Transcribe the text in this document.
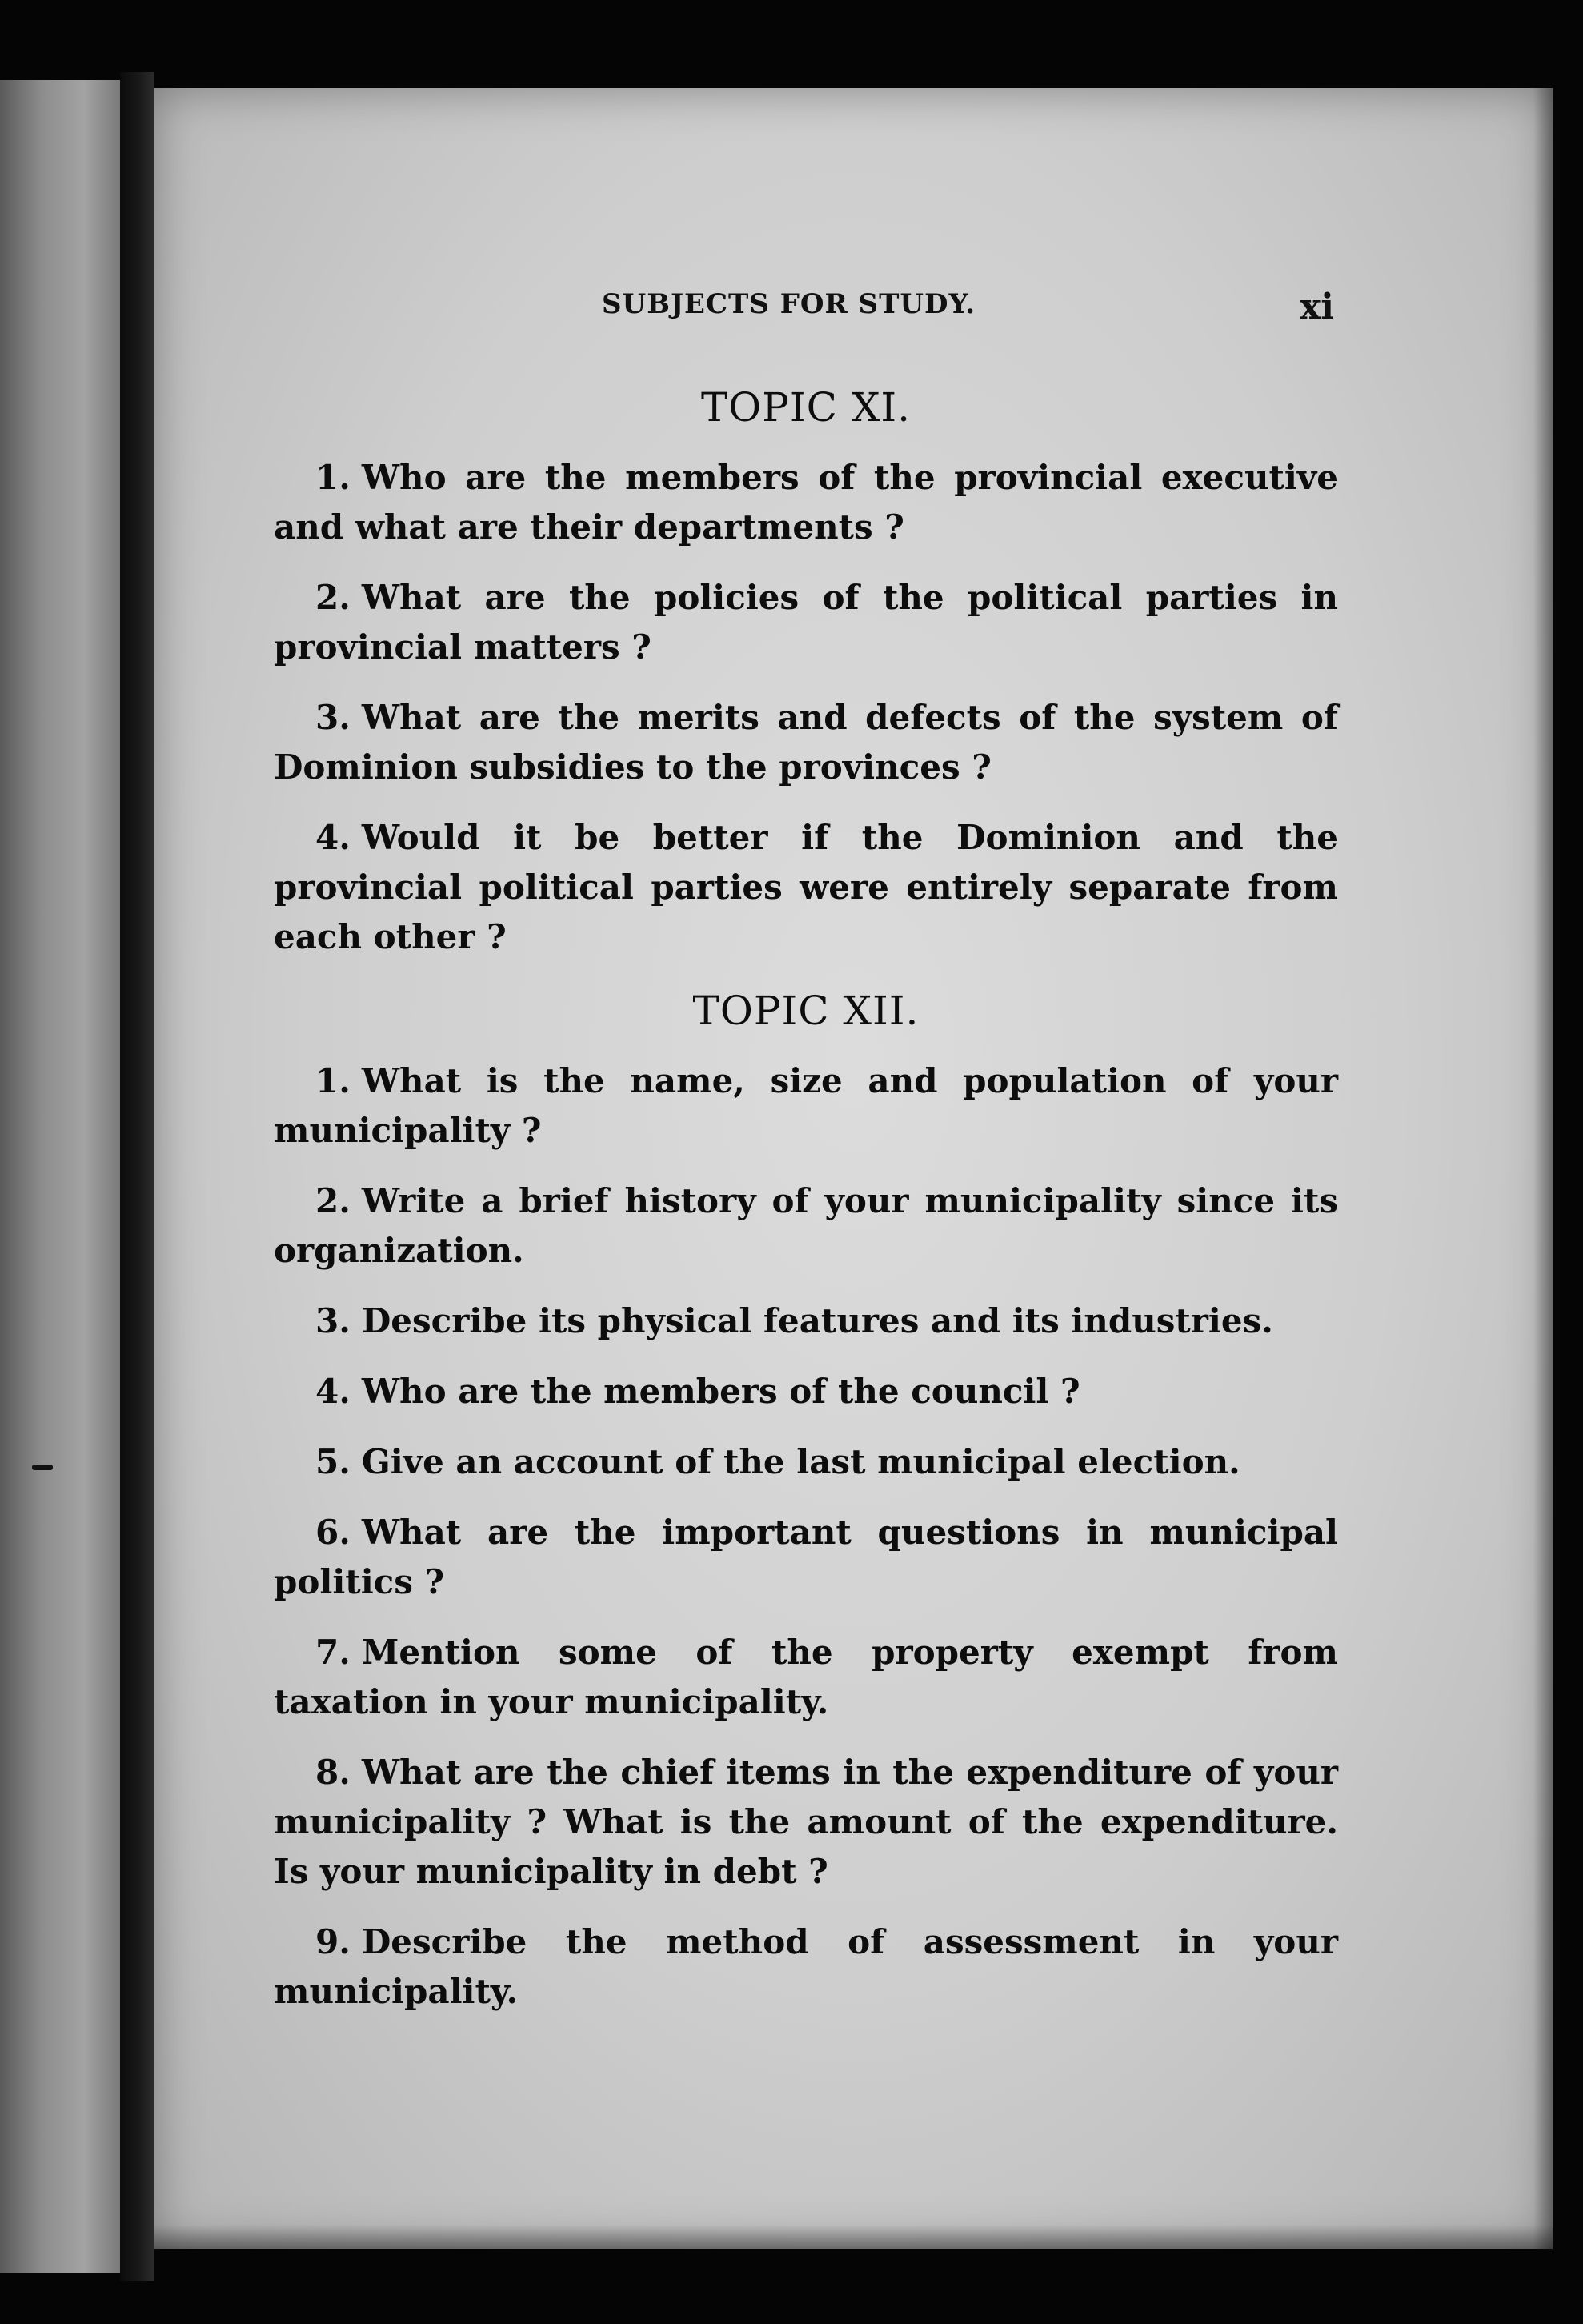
SUBJECTS FOR STUDY.	xi
TOPIC XI.

1. Who are the members of the provincial executive and what are their departments ?

2. What are the policies of the political parties in provincial matters ?

3. What are the merits and defects of the system of Dominion subsidies to the provinces ?

4. Would it be better if the Dominion and the provincial political parties were entirely separate from each other ?

TOPIC XII.

1. What is the name, size and population of your municipality ?

2. Write a brief history of your municipality since its organization.

3. Describe its physical features and its industries.

4. Who are the members of the council ?

5. Give an account of the last municipal election.

6. What are the important questions in municipal politics ?

7. Mention some of the property exempt from taxation in your municipality.

8. What are the chief items in the expenditure of your municipality ? What is the amount of the expenditure. Is your municipality in debt ?

9. Describe the method of assessment in your municipality.
